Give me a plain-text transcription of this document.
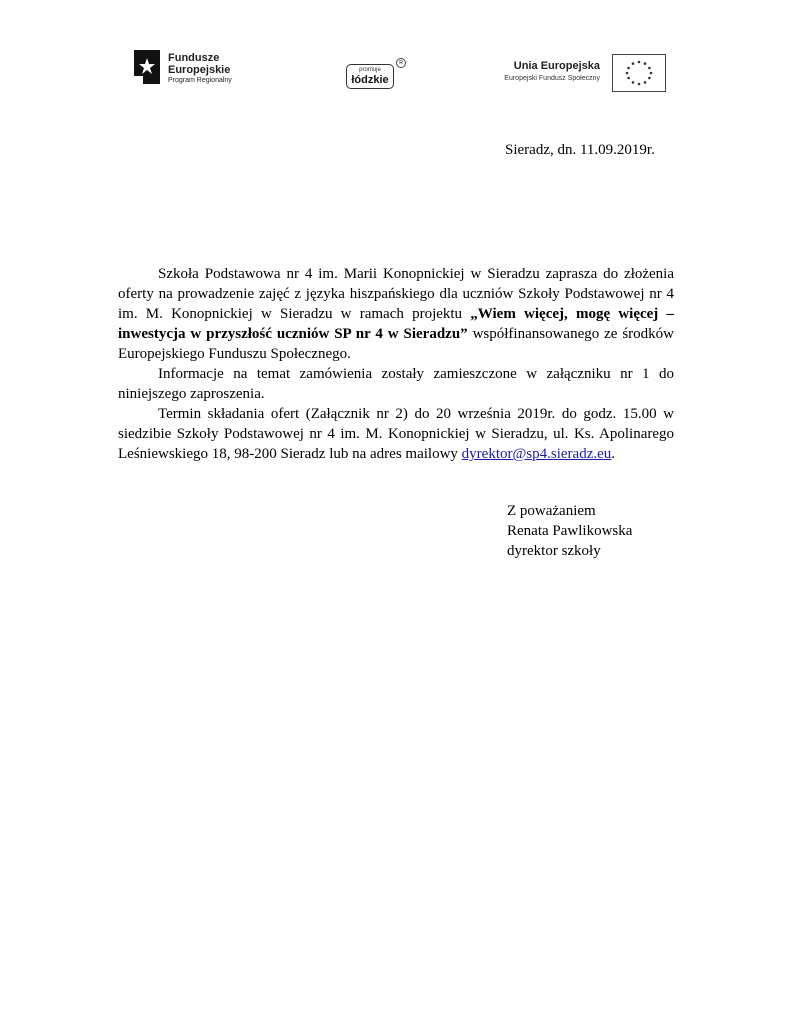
Fundusze
Europejskie
Program Regionalny
promuje
łódzkie
R	Unia Europejska
Europejski Fundusz Społeczny
Sieradz, dn. 11.09.2019r.

Szkoła Podstawowa nr 4 im. Marii Konopnickiej w Sieradzu zaprasza do złożenia oferty na prowadzenie zajęć z języka hiszpańskiego dla uczniów Szkoły Podstawowej nr 4 im. M. Konopnickiej w Sieradzu w ramach projektu „Wiem więcej, mogę więcej – inwestycja w przyszłość uczniów SP nr 4 w Sieradzu” współfinansowanego ze środków Europejskiego Funduszu Społecznego.

Informacje na temat zamówienia zostały zamieszczone w załączniku nr 1 do niniejszego zaproszenia.

Termin składania ofert (Załącznik nr 2) do 20 września 2019r. do godz. 15.00 w siedzibie Szkoły Podstawowej nr 4 im. M. Konopnickiej w Sieradzu, ul. Ks. Apolinarego Leśniewskiego 18, 98-200 Sieradz lub na adres mailowy dyrektor@sp4.sieradz.eu.

Z poważaniem
Renata Pawlikowska
dyrektor szkoły
